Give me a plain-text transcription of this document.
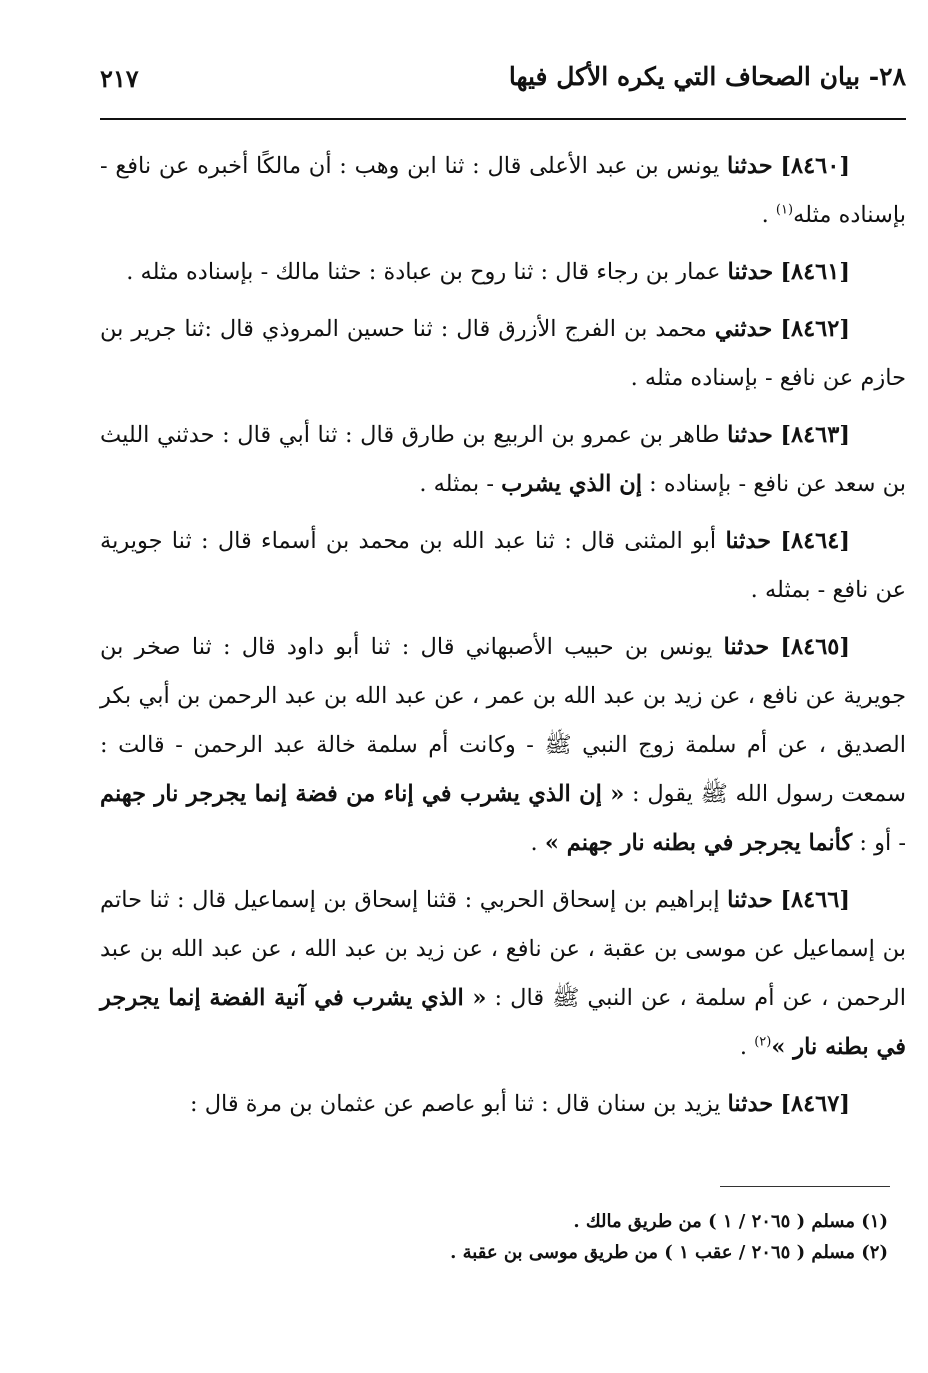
٢٨- بيان الصحاف التي يكره الأكل فيها
٢١٧

[٨٤٦٠] حدثنا يونس بن عبد الأعلى قال : ثنا ابن وهب : أن مالكًا أخبره عن نافع - بإسناده مثله$^{(١)}$ .

[٨٤٦١] حدثنا عمار بن رجاء قال : ثنا روح بن عبادة : حثنا مالك - بإسناده مثله .

[٨٤٦٢] حدثني محمد بن الفرج الأزرق قال : ثنا حسين المروذي قال :ثنا جرير بن حازم عن نافع - بإسناده مثله .

[٨٤٦٣] حدثنا طاهر بن عمرو بن الربيع بن طارق قال : ثنا أبي قال : حدثني الليث بن سعد عن نافع - بإسناده : إن الذي يشرب - بمثله .

[٨٤٦٤] حدثنا أبو المثنى قال : ثنا عبد الله بن محمد بن أسماء قال : ثنا جويرية عن نافع - بمثله .

[٨٤٦٥] حدثنا يونس بن حبيب الأصبهاني قال : ثنا أبو داود قال : ثنا صخر بن جويرية عن نافع ، عن زيد بن عبد الله بن عمر ، عن عبد الله بن عبد الرحمن بن أبي بكر الصديق ، عن أم سلمة زوج النبي ﷺ - وكانت أم سلمة خالة عبد الرحمن - قالت : سمعت رسول الله ﷺ يقول : « إن الذي يشرب في إناء من فضة إنما يجرجر نار جهنم - أو : كأنما يجرجر في بطنه نار جهنم » .

[٨٤٦٦] حدثنا إبراهيم بن إسحاق الحربي : قثنا إسحاق بن إسماعيل قال : ثنا حاتم بن إسماعيل عن موسى بن عقبة ، عن نافع ، عن زيد بن عبد الله ، عن عبد الله بن عبد الرحمن ، عن أم سلمة ، عن النبي ﷺ قال : « الذي يشرب في آنية الفضة إنما يجرجر في بطنه نار »$^{(٢)}$ .

[٨٤٦٧] حدثنا يزيد بن سنان قال : ثنا أبو عاصم عن عثمان بن مرة قال :

(١) مسلم ( ٢٠٦٥ / ١ ) من طريق مالك .
(٢) مسلم ( ٢٠٦٥ / عقب ١ ) من طريق موسى بن عقبة .
